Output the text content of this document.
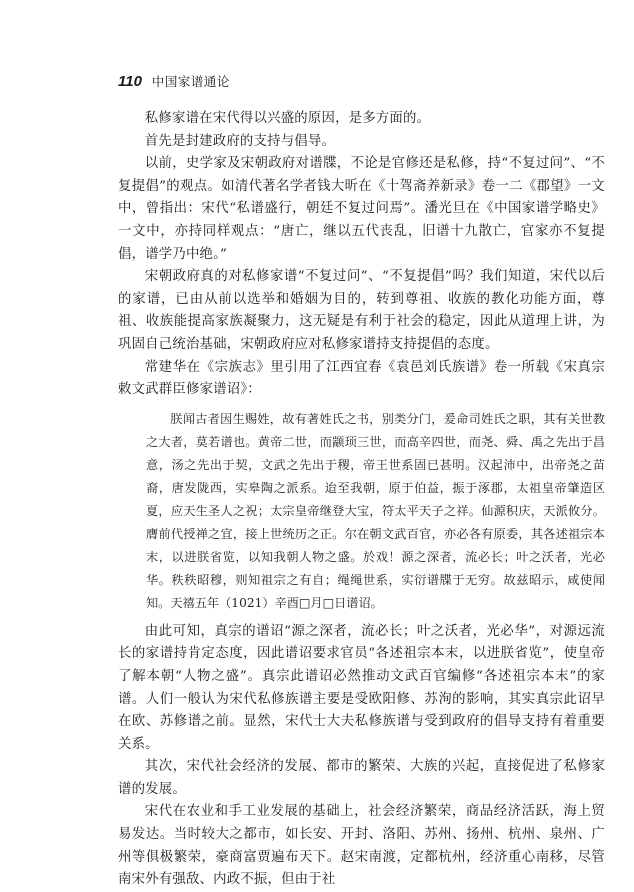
110 中国家谱通论

私修家谱在宋代得以兴盛的原因，是多方面的。

首先是封建政府的支持与倡导。

以前，史学家及宋朝政府对谱牒，不论是官修还是私修，持“不复过问”、“不复提倡”的观点。如清代著名学者钱大昕在《十驾斋养新录》卷一二《郡望》一文中，曾指出：宋代“私谱盛行，朝廷不复过问焉”。潘光旦在《中国家谱学略史》一文中，亦持同样观点：“唐亡，继以五代丧乱，旧谱十九散亡，官家亦不复提倡，谱学乃中绝。”

宋朝政府真的对私修家谱“不复过问”、“不复提倡”吗？我们知道，宋代以后的家谱，已由从前以选举和婚姻为目的，转到尊祖、收族的教化功能方面，尊祖、收族能提高家族凝聚力，这无疑是有利于社会的稳定，因此从道理上讲，为巩固自己统治基础，宋朝政府应对私修家谱持支持提倡的态度。

常建华在《宗族志》里引用了江西宜春《袁邑刘氏族谱》卷一所载《宋真宗敕文武群臣修家谱诏》：

朕闻古者因生赐姓，故有著姓氏之书，别类分门，爰命司姓氏之职，其有关世教之大者，莫若谱也。黄帝二世，而颛顼三世，而高辛四世，而尧、舜、禹之先出于昌意，汤之先出于契，文武之先出于稷，帝王世系固已甚明。汉起沛中，出帝尧之苗裔，唐发陇西，实皋陶之派系。迨至我朝，原于伯益，振于涿郡，太祖皇帝肇造区夏，应天生圣人之祝；太宗皇帝继登大宝，符太平天子之祥。仙源积庆，天派攸分。膺前代授禅之宜，接上世统历之正。尔在朝文武百官，亦必各有原委，其各述祖宗本末，以进朕省览，以知我朝人物之盛。於戏！源之深者，流必长；叶之沃者，光必华。秩秩昭穆，则知祖宗之有自；绳绳世系，实衍谱牒于无穷。故兹昭示，咸使闻知。天禧五年（1021）辛酉□月□日谱诏。

由此可知，真宗的谱诏“源之深者，流必长；叶之沃者，光必华”，对源远流长的家谱持肯定态度，因此谱诏要求官员“各述祖宗本末，以进朕省览”，使皇帝了解本朝“人物之盛”。真宗此谱诏必然推动文武百官编修“各述祖宗本末”的家谱。人们一般认为宋代私修族谱主要是受欧阳修、苏洵的影响，其实真宗此诏早在欧、苏修谱之前。显然，宋代士大夫私修族谱与受到政府的倡导支持有着重要关系。

其次，宋代社会经济的发展、都市的繁荣、大族的兴起，直接促进了私修家谱的发展。

宋代在农业和手工业发展的基础上，社会经济繁荣，商品经济活跃，海上贸易发达。当时较大之都市，如长安、开封、洛阳、苏州、扬州、杭州、泉州、广州等俱极繁荣，豪商富贾遍布天下。赵宋南渡，定都杭州，经济重心南移，尽管南宋外有强敌、内政不振，但由于社
